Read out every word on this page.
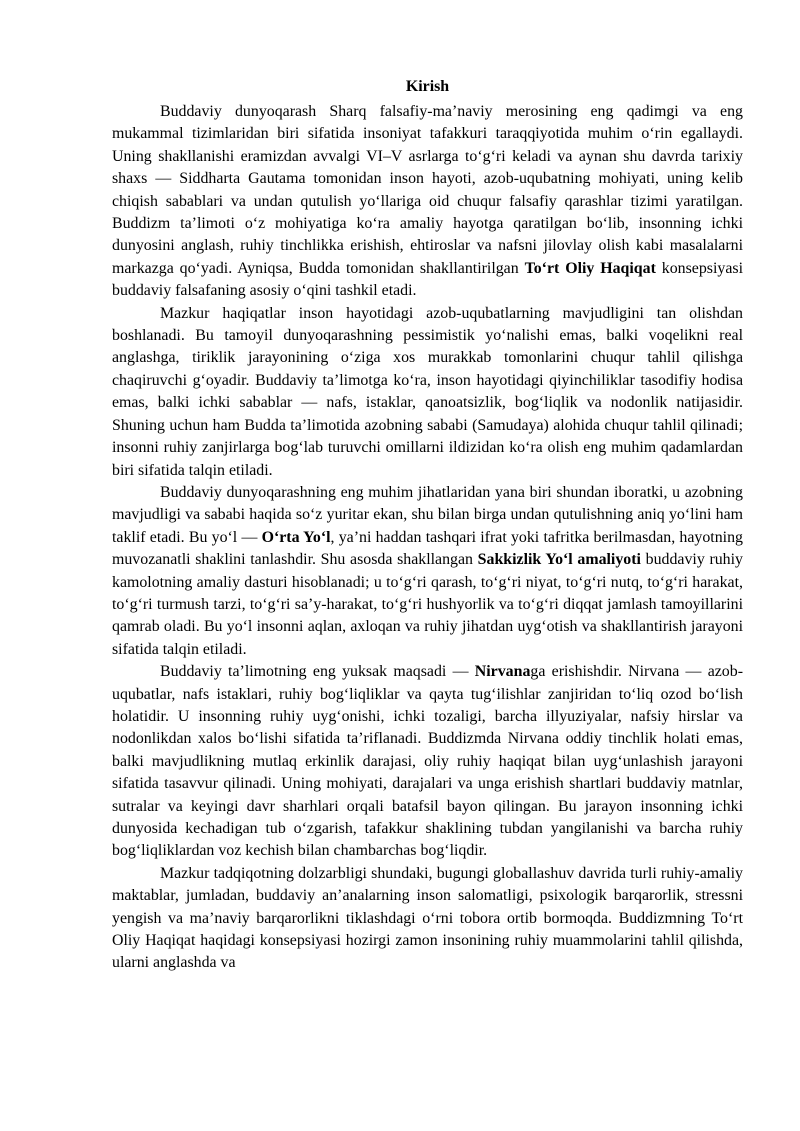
Kirish

Buddaviy dunyoqarash Sharq falsafiy-ma’naviy merosining eng qadimgi va eng mukammal tizimlaridan biri sifatida insoniyat tafakkuri taraqqiyotida muhim o‘rin egallaydi. Uning shakllanishi eramizdan avvalgi VI–V asrlarga to‘g‘ri keladi va aynan shu davrda tarixiy shaxs — Siddharta Gautama tomonidan inson hayoti, azob-uqubatning mohiyati, uning kelib chiqish sabablari va undan qutulish yo‘llariga oid chuqur falsafiy qarashlar tizimi yaratilgan. Buddizm ta’limoti o‘z mohiyatiga ko‘ra amaliy hayotga qaratilgan bo‘lib, insonning ichki dunyosini anglash, ruhiy tinchlikka erishish, ehtiroslar va nafsni jilovlay olish kabi masalalarni markazga qo‘yadi. Ayniqsa, Budda tomonidan shakllantirilgan To‘rt Oliy Haqiqat konsepsiyasi buddaviy falsafaning asosiy o‘qini tashkil etadi.

Mazkur haqiqatlar inson hayotidagi azob-uqubatlarning mavjudligini tan olishdan boshlanadi. Bu tamoyil dunyoqarashning pessimistik yo‘nalishi emas, balki voqelikni real anglashga, tiriklik jarayonining o‘ziga xos murakkab tomonlarini chuqur tahlil qilishga chaqiruvchi g‘oyadir. Buddaviy ta’limotga ko‘ra, inson hayotidagi qiyinchiliklar tasodifiy hodisa emas, balki ichki sabablar — nafs, istaklar, qanoatsizlik, bog‘liqlik va nodonlik natijasidir. Shuning uchun ham Budda ta’limotida azobning sababi (Samudaya) alohida chuqur tahlil qilinadi; insonni ruhiy zanjirlarga bog‘lab turuvchi omillarni ildizidan ko‘ra olish eng muhim qadamlardan biri sifatida talqin etiladi.

Buddaviy dunyoqarashning eng muhim jihatlaridan yana biri shundan iboratki, u azobning mavjudligi va sababi haqida so‘z yuritar ekan, shu bilan birga undan qutulishning aniq yo‘lini ham taklif etadi. Bu yo‘l — O‘rta Yo‘l, ya’ni haddan tashqari ifrat yoki tafritka berilmasdan, hayotning muvozanatli shaklini tanlashdir. Shu asosda shakllangan Sakkizlik Yo‘l amaliyoti buddaviy ruhiy kamolotning amaliy dasturi hisoblanadi; u to‘g‘ri qarash, to‘g‘ri niyat, to‘g‘ri nutq, to‘g‘ri harakat, to‘g‘ri turmush tarzi, to‘g‘ri sa’y-harakat, to‘g‘ri hushyorlik va to‘g‘ri diqqat jamlash tamoyillarini qamrab oladi. Bu yo‘l insonni aqlan, axloqan va ruhiy jihatdan uyg‘otish va shakllantirish jarayoni sifatida talqin etiladi.

Buddaviy ta’limotning eng yuksak maqsadi — Nirvanaga erishishdir. Nirvana — azob-uqubatlar, nafs istaklari, ruhiy bog‘liqliklar va qayta tug‘ilishlar zanjiridan to‘liq ozod bo‘lish holatidir. U insonning ruhiy uyg‘onishi, ichki tozaligi, barcha illyuziyalar, nafsiy hirslar va nodonlikdan xalos bo‘lishi sifatida ta’riflanadi. Buddizmda Nirvana oddiy tinchlik holati emas, balki mavjudlikning mutlaq erkinlik darajasi, oliy ruhiy haqiqat bilan uyg‘unlashish jarayoni sifatida tasavvur qilinadi. Uning mohiyati, darajalari va unga erishish shartlari buddaviy matnlar, sutralar va keyingi davr sharhlari orqali batafsil bayon qilingan. Bu jarayon insonning ichki dunyosida kechadigan tub o‘zgarish, tafakkur shaklining tubdan yangilanishi va barcha ruhiy bog‘liqliklardan voz kechish bilan chambarchas bog‘liqdir.

Mazkur tadqiqotning dolzarbligi shundaki, bugungi globallashuv davrida turli ruhiy-amaliy maktablar, jumladan, buddaviy an’analarning inson salomatligi, psixologik barqarorlik, stressni yengish va ma’naviy barqarorlikni tiklashdagi o‘rni tobora ortib bormoqda. Buddizmning To‘rt Oliy Haqiqat haqidagi konsepsiyasi hozirgi zamon insonining ruhiy muammolarini tahlil qilishda, ularni anglashda va
